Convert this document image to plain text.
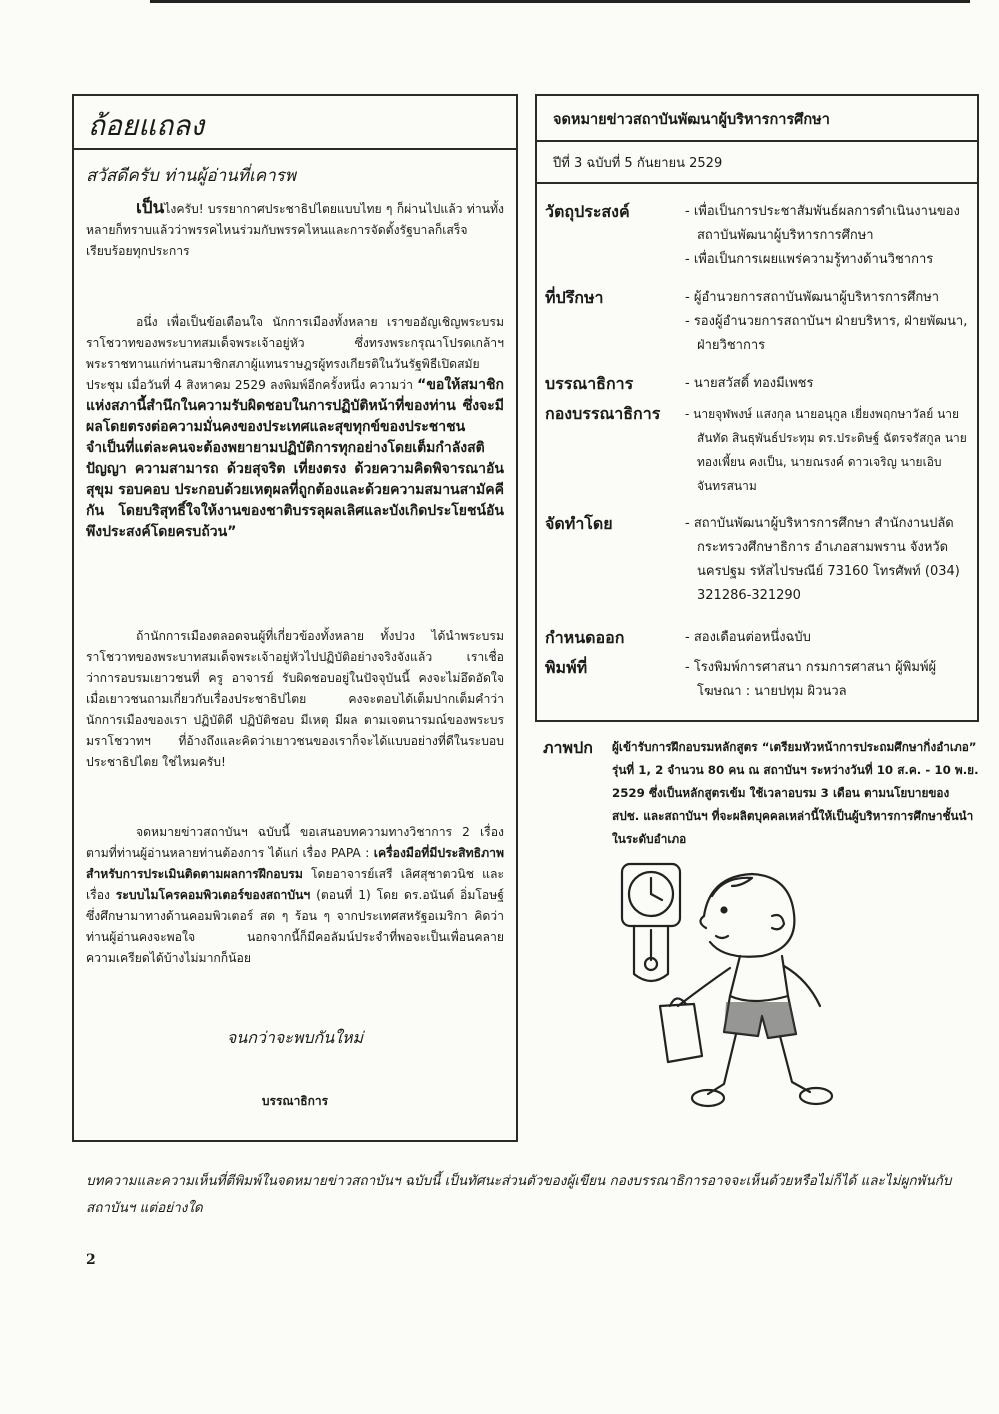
ถ้อยแถลง
สวัสดีครับ ท่านผู้อ่านที่เคารพ

เป็นไงครับ! บรรยากาศประชาธิปไตยแบบไทย ๆ ก็ผ่านไปแล้ว ท่านทั้งหลายก็ทราบแล้วว่าพรรคไหนร่วมกับพรรคไหนและการจัดตั้งรัฐบาลก็เสร็จเรียบร้อยทุกประการ

อนึ่ง เพื่อเป็นข้อเตือนใจ นักการเมืองทั้งหลาย เราขออัญเชิญพระบรมราโชวาทของพระบาทสมเด็จพระเจ้าอยู่หัว ซึ่งทรงพระกรุณาโปรดเกล้าฯ พระราชทานแก่ท่านสมาชิกสภาผู้แทนราษฎรผู้ทรงเกียรติในวันรัฐพิธีเปิดสมัยประชุม เมื่อวันที่ 4 สิงหาคม 2529 ลงพิมพ์อีกครั้งหนึ่ง ความว่า “ขอให้สมาชิกแห่งสภานี้สำนึกในความรับผิดชอบในการปฏิบัติหน้าที่ของท่าน ซึ่งจะมีผลโดยตรงต่อความมั่นคงของประเทศและสุขทุกข์ของประชาชน จำเป็นที่แต่ละคนจะต้องพยายามปฏิบัติการทุกอย่างโดยเต็มกำลังสติปัญญา ความสามารถ ด้วยสุจริต เที่ยงตรง ด้วยความคิดพิจารณาอันสุขุม รอบคอบ ประกอบด้วยเหตุผลที่ถูกต้องและด้วยความสมานสามัคคีกัน โดยบริสุทธิ์ใจให้งานของชาติบรรลุผลเลิศและบังเกิดประโยชน์อันพึงประสงค์โดยครบถ้วน”

ถ้านักการเมืองตลอดจนผู้ที่เกี่ยวข้องทั้งหลาย ทั้งปวง ได้นำพระบรมราโชวาทของพระบาทสมเด็จพระเจ้าอยู่หัวไปปฏิบัติอย่างจริงจังแล้ว เราเชื่อว่าการอบรมเยาวชนที่ ครู อาจารย์ รับผิดชอบอยู่ในปัจจุบันนี้ คงจะไม่อึดอัดใจเมื่อเยาวชนถามเกี่ยวกับเรื่องประชาธิปไตย คงจะตอบได้เต็มปากเต็มคำว่า นักการเมืองของเรา ปฏิบัติดี ปฏิบัติชอบ มีเหตุ มีผล ตามเจตนารมณ์ของพระบรมราโชวาทฯ ที่อ้างถึงและคิดว่าเยาวชนของเราก็จะได้แบบอย่างที่ดีในระบอบประชาธิปไตย ใช่ไหมครับ!

จดหมายข่าวสถาบันฯ ฉบับนี้ ขอเสนอบทความทางวิชาการ 2 เรื่อง ตามที่ท่านผู้อ่านหลายท่านต้องการ ได้แก่ เรื่อง PAPA : เครื่องมือที่มีประสิทธิภาพสำหรับการประเมินติดตามผลการฝึกอบรม โดยอาจารย์เสรี เลิศสุชาตวนิช และเรื่อง ระบบไมโครคอมพิวเตอร์ของสถาบันฯ (ตอนที่ 1) โดย ดร.อนันต์ อิ่มโอษฐ์ ซึ่งศึกษามาทางด้านคอมพิวเตอร์ สด ๆ ร้อน ๆ จากประเทศสหรัฐอเมริกา คิดว่าท่านผู้อ่านคงจะพอใจ นอกจากนี้ก็มีคอลัมน์ประจำที่พอจะเป็นเพื่อนคลายความเครียดได้บ้างไม่มากก็น้อย

จนกว่าจะพบกันใหม่
บรรณาธิการ
จดหมายข่าวสถาบันพัฒนาผู้บริหารการศึกษา
ปีที่ 3 ฉบับที่ 5 กันยายน 2529
วัตถุประสงค์	- เพื่อเป็นการประชาสัมพันธ์ผลการดำเนินงานของสถาบันพัฒนาผู้บริหารการศึกษา
- เพื่อเป็นการเผยแพร่ความรู้ทางด้านวิชาการ
ที่ปรึกษา	- ผู้อำนวยการสถาบันพัฒนาผู้บริหารการศึกษา
- รองผู้อำนวยการสถาบันฯ ฝ่ายบริหาร, ฝ่ายพัฒนา, ฝ่ายวิชาการ
บรรณาธิการ	- นายสวัสดิ์ ทองมีเพชร
กองบรรณาธิการ	- นายจุฬพงษ์ แสงกุล นายอนุกูล เยี่ยงพฤกษาวัลย์ นายสันทัด สินธุพันธ์ประทุม ดร.ประดิษฐ์ ฉัตรจรัสกูล นายทองเพี้ยน คงเป็น, นายณรงค์ ดาวเจริญ นายเอิบ จันทรสนาม
จัดทำโดย	- สถาบันพัฒนาผู้บริหารการศึกษา สำนักงานปลัดกระทรวงศึกษาธิการ อำเภอสามพราน จังหวัดนครปฐม รหัสไปรษณีย์ 73160 โทรศัพท์ (034) 321286-321290
กำหนดออก	- สองเดือนต่อหนึ่งฉบับ
พิมพ์ที่	- โรงพิมพ์การศาสนา กรมการศาสนา ผู้พิมพ์ผู้โฆษณา : นายปทุม ผิวนวล
ภาพปก ผู้เข้ารับการฝึกอบรมหลักสูตร “เตรียมหัวหน้าการประถมศึกษากิ่งอำเภอ” รุ่นที่ 1, 2 จำนวน 80 คน ณ สถาบันฯ ระหว่างวันที่ 10 ส.ค. - 10 พ.ย. 2529 ซึ่งเป็นหลักสูตรเข้ม ใช้เวลาอบรม 3 เดือน ตามนโยบายของ สปช. และสถาบันฯ ที่จะผลิตบุคคลเหล่านี้ให้เป็นผู้บริหารการศึกษาชั้นนำในระดับอำเภอ
บทความและความเห็นที่ตีพิมพ์ในจดหมายข่าวสถาบันฯ ฉบับนี้ เป็นทัศนะส่วนตัวของผู้เขียน กองบรรณาธิการอาจจะเห็นด้วยหรือไม่ก็ได้ และไม่ผูกพันกับสถาบันฯ แต่อย่างใด
2
